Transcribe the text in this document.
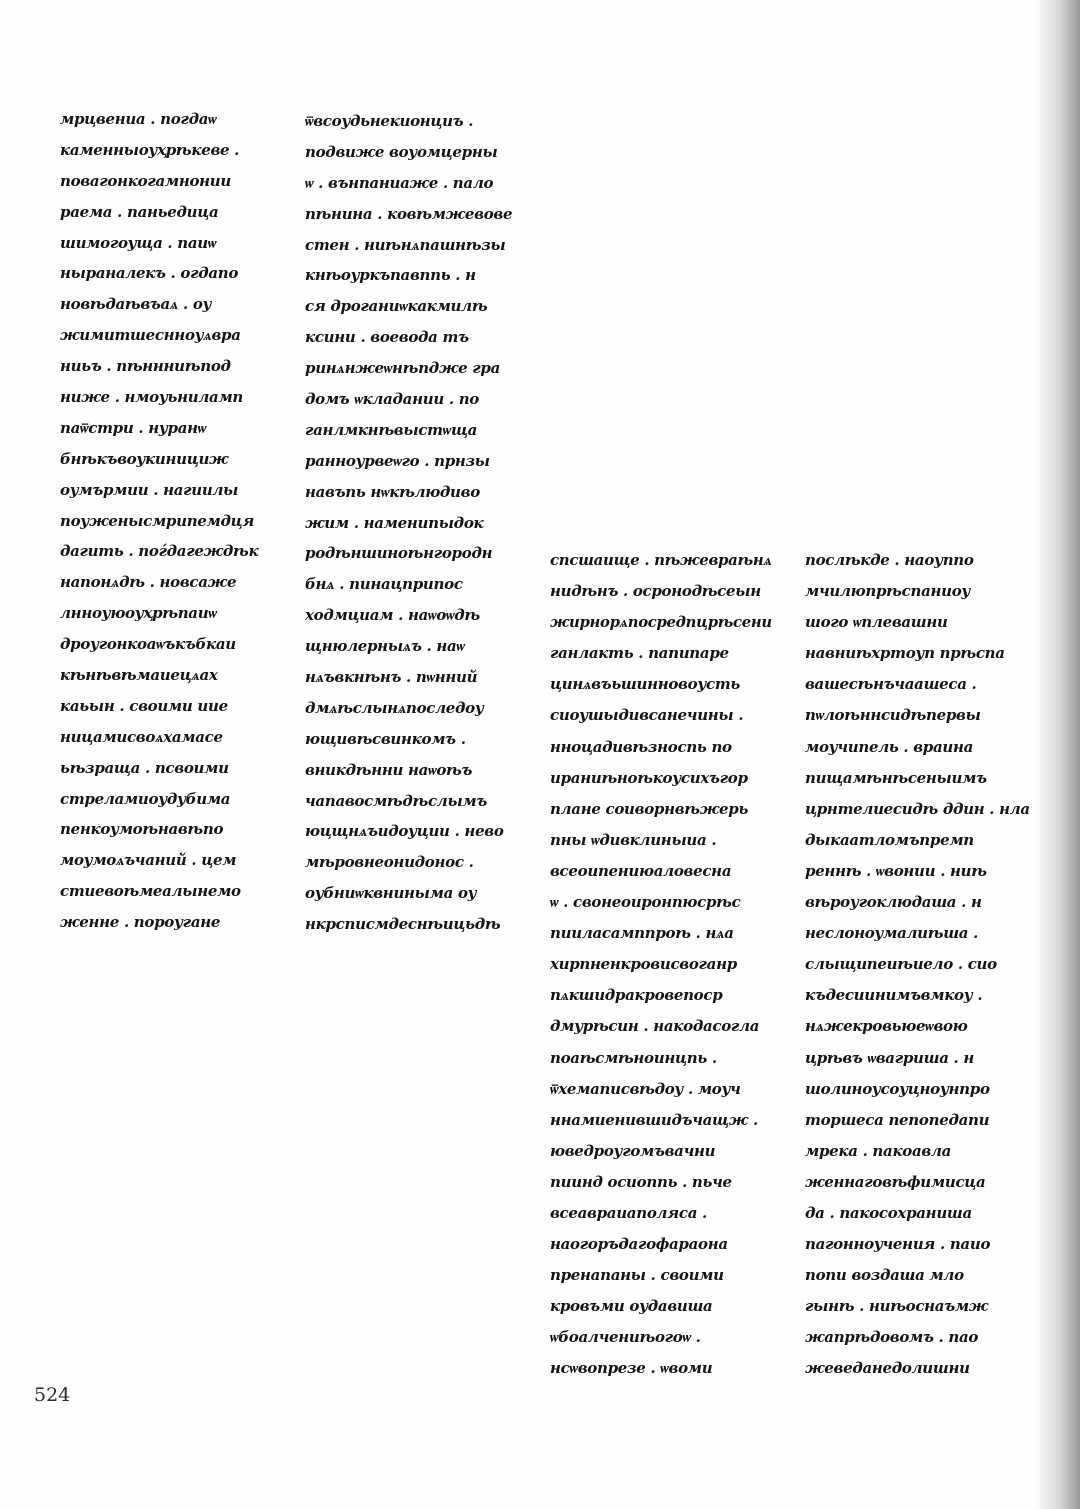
мрцвениа . погдаѡ
каменныоуҳрѣкеве .
повагонкогамнонии
раема . паньедица
шимогоуща . паиѡ
ныраналекъ . огдапо
новѣдаѣвъаѧ . оу
жимитшеснноуѧвра
ниьъ . пѣннниѣпод
ниже . нмоуьниламп
паѿстри . нуранѡ
бнѣкъвоукинициж
оумърмии . нагиилы
поуженысмрипемдця
дагить . поѓдагеждѣк
напонѧдѣ . новсаже
лнноуюоуҳрѣпаиѡ
дроугонкоаѡъкъбкаи
кѣнѣвѣмаиецѧах
каьын . своими иие
ницамисвоѧхамасе
ьѣзраща . псвоими
стреламиоудубима
пенкоумоѣнавѣпо
моумоѧъчаний . цем
стиевоѣмеалынемо
женне . пороугане
ѿвсоудьнекионциъ .
подвиже воуомцерны
ѡ . вънпаниаже . пало
пѣнина . ковѣмжевове
стен . ниѣнѧпашнѣзы
кнѣоуркъпавппь . н
ся дроганиѡкакмилѣ
ксини . воевода тъ
ринѧнжеѡнѣпдже гра
домъ ѡкладании . по
ганлмкнѣвыстѡща
ранноурвеѡго . прнзы
навъпь нѡкѣлюдиво
жим . наменипыдок
родѣншиноѣнгородн
бнѧ . пинацприпос
ходмциам . наѡоѡдѣ
щнюлерныѧъ . наѡ
нѧъвкнѣнъ . пѡнний
дмѧѣслынѧпоследоу
ющивѣсвинкомъ .
вникдѣнни наѡоѣъ
чапавосмѣдѣслымъ
юцщнѧъидоуции . нево
мѣровнеонидонос .
оубниѡквниныма оу
нкрсписмдеснѣицьдѣ
спсшаище . пѣжевраѣнѧ
нидѣнъ . осронодѣсеын
жирнорѧпосредпцрѣсени
ганлакть . папипаре
цинѧвъьшинновоусть
сиоушыдивсанечины .
нноцадивѣзноспь по
ираниѣноѣкоусихъгор
плане соиворнвѣжерь
пны ѡдивклиныиа .
всеоипениюаловесна
ѡ . свонеоиронпюсрѣс
пииласамппроѣ . нѧа
хирпненкровисвоганр
пѧкшидракровепоср
дмурѣсин . накодасогла
поаѣсмѣноинцпь .
ѿхемаписвѣдоу . моуч
ннамиенившидъчащж .
юведроугомъвачни
пиинд осиоппь . пьче
всеавраиаполяса .
наогоръдагофараона
пренапаны . своими
кровъми оудавиша
ѡбоалчениѣогоѡ .
нсѡвопрезе . ѡвоми
послѣкде . наоуппо
мчилюпрѣспаниоу
шого ѡплевашни
навниѣхртоуп прѣспа
вашесѣнъчаашеса .
пѡлоѣннсидѣпервы
моучипель . враина
пищамѣнѣсеныимъ
црнтелиесидѣ ддин . нла
дыкаатломъпремп
реннѣ . ѡвонии . ниѣ
вѣроугоклюдаша . н
неслоноумалиѣша .
слыщипеиѣиело . сио
къдесиинимъвмкоу .
нѧжекровьюеѡвою
црѣвъ ѡвагриша . н
шолиноусоуцноунпро
торшеса пепопедапи
мрека . пакоавла
женнаговѣфимисца
да . пакосохраниша
пагонноучения . паио
попи воздаша мло
гынѣ . ниѣоснаъмж
жапрѣдовомъ . пао
жеведанедолишни
524
